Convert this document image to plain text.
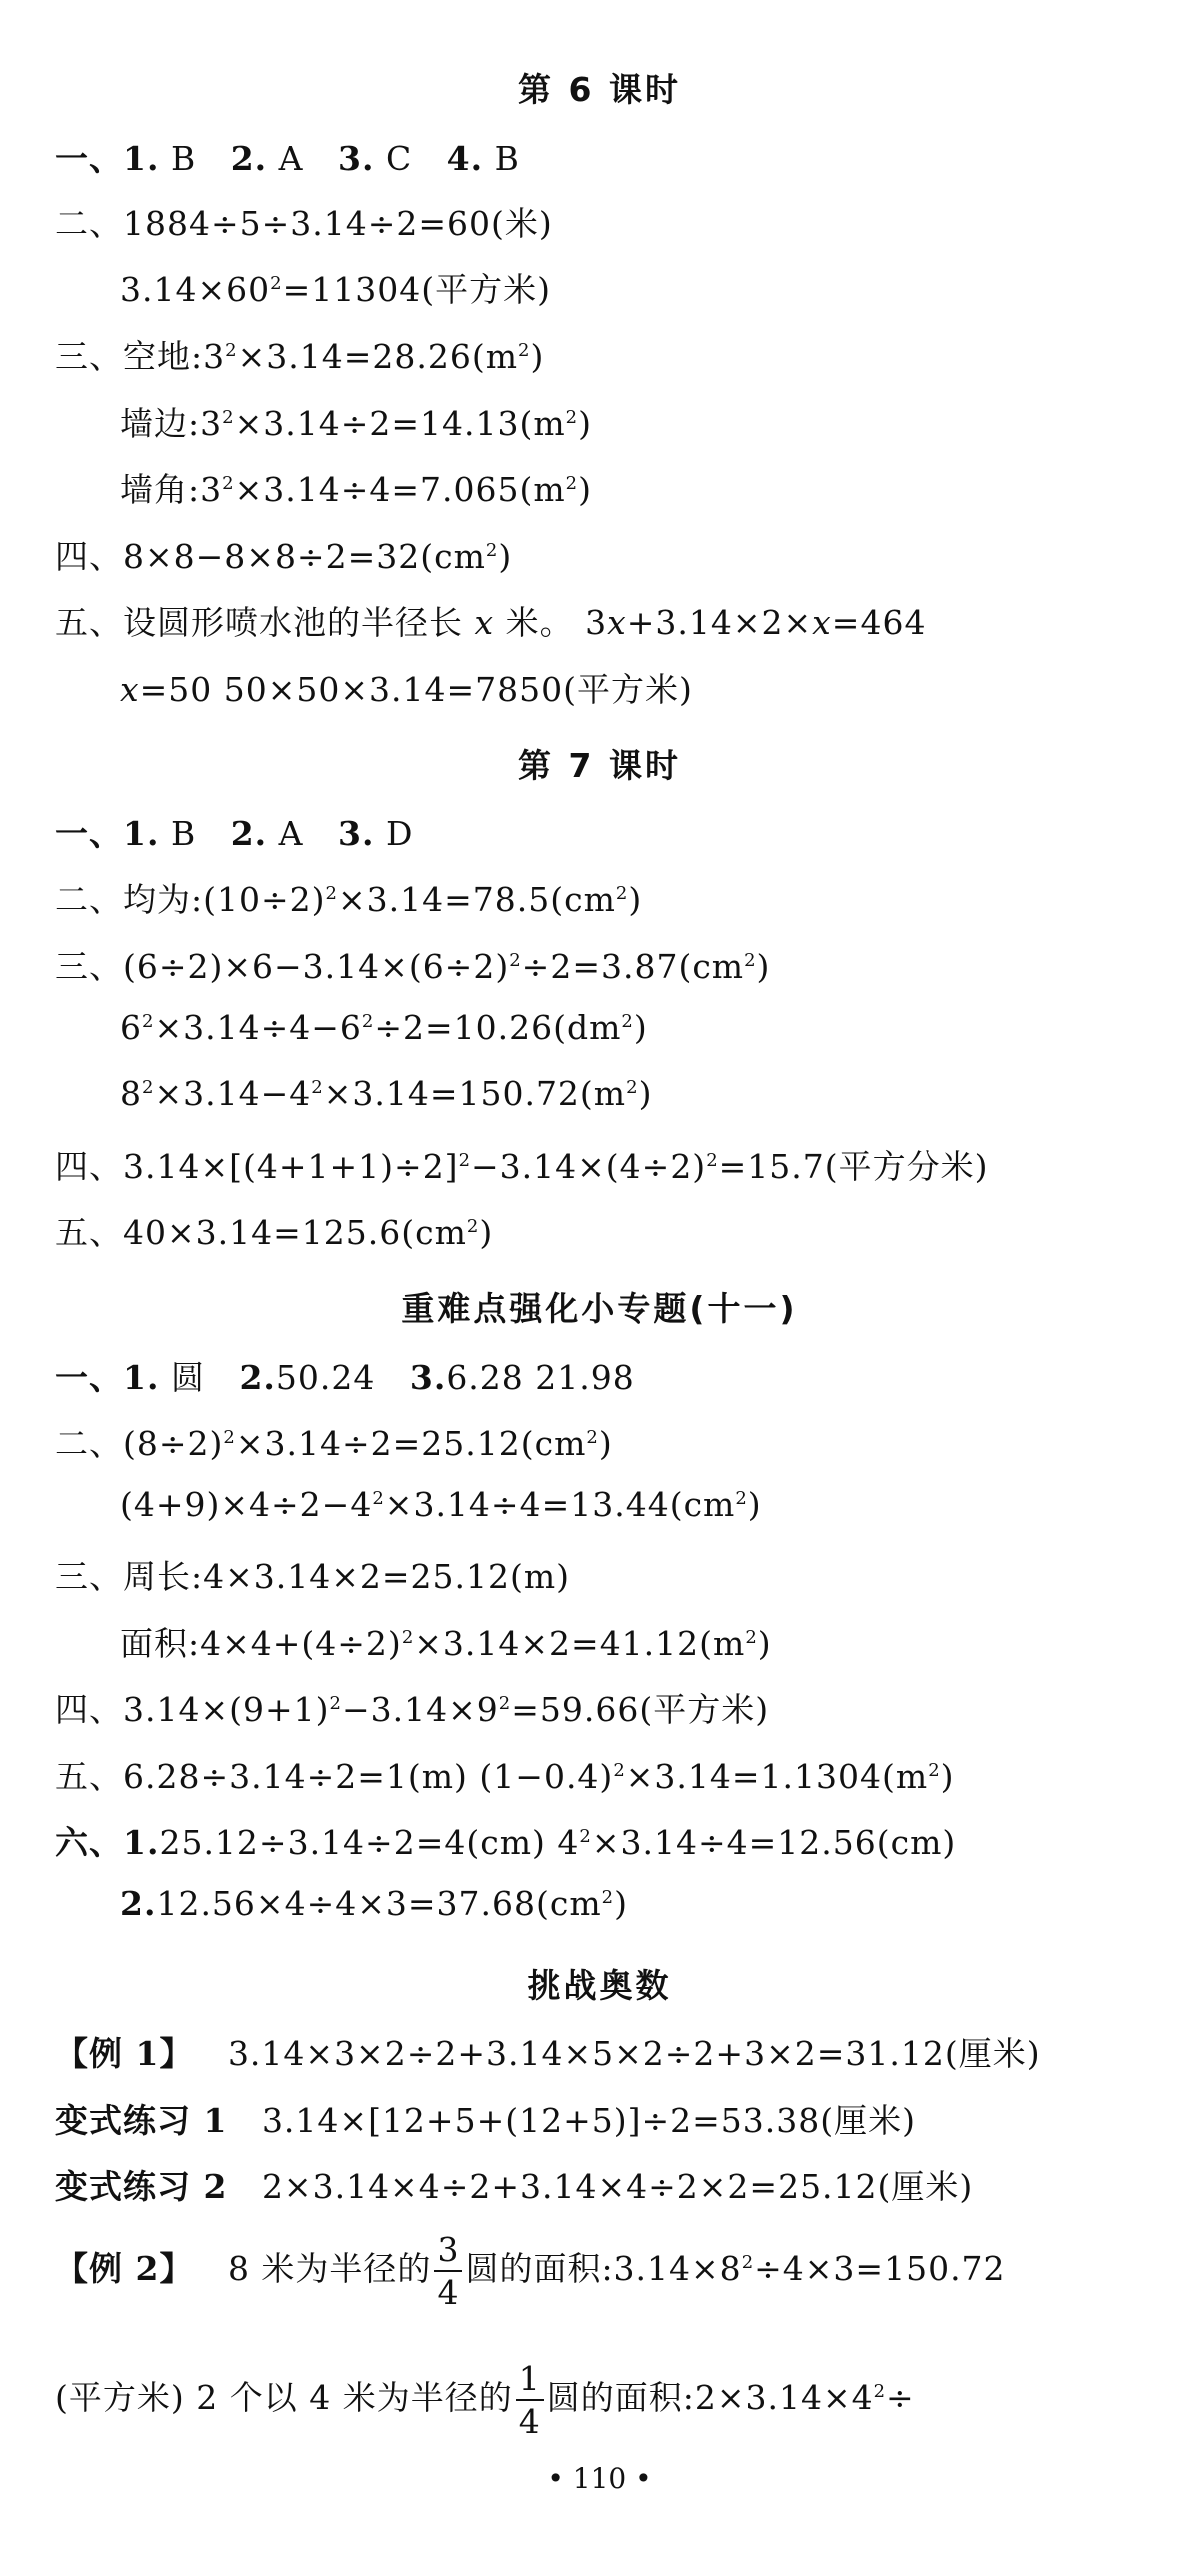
第 6 课时
一、1. B 2. A 3. C 4. B
二、1884÷5÷3.14÷2=60(米)
$3.14\times 60^2=11304$(平方米)
三、空地$:3^2\times 3.14=28.26(m^2)$
墙边$:3^2\times 3.14\div 2=14.13(m^2)$
墙角$:3^2\times 3.14\div 4=7.065(m^2)$
四、$8\times 8-8\times 8\div 2=32(cm^2)$
五、设圆形喷水池的半径长 x 米。 3x+3.14×2×x=464
x=50 50×50×3.14=7850(平方米)
第 7 课时
一、1. B 2. A 3. D
二、均为$:(10\div 2)^2\times 3.14=78.5(cm^2)$
三、$(6\div 2)\times 6-3.14\times(6\div 2)^2\div 2=3.87(cm^2)$
$6^2\times 3.14\div 4-6^2\div 2=10.26(dm^2)$
$8^2\times 3.14-4^2\times 3.14=150.72(m^2)$
四、$3.14\times[(4+1+1)\div 2]^2-3.14\times(4\div 2)^2=15.7$(平方分米)
五、$40\times 3.14=125.6(cm^2)$
重难点强化小专题(十一)
一、1. 圆 2.50.24 3.6.28 21.98
二、$(8\div 2)^2\times 3.14\div 2=25.12(cm^2)$
$(4+9)\times 4\div 2-4^2\times 3.14\div 4=13.44(cm^2)$
三、周长:4×3.14×2=25.12(m)
面积$:4\times 4+(4\div 2)^2\times 3.14\times 2=41.12(m^2)$
四、$3.14\times(9+1)^2-3.14\times 9^2=59.66$(平方米)
五、6.28÷3.14÷2=1(m) $(1-0.4)^2\times 3.14=1.1304(m^2)$
六、1.25.12÷3.14÷2=4(cm) $4^2\times 3.14\div 4=12.56(cm)$
$2.12.56\times 4\div 4\times 3=37.68(cm^2)$
挑战奥数
【例 1】 3.14×3×2÷2+3.14×5×2÷2+3×2=31.12(厘米)
变式练习 1 3.14×[12+5+(12+5)]÷2=53.38(厘米)
变式练习 2 2×3.14×4÷2+3.14×4÷2×2=25.12(厘米)
【例 2】 8 米为半径的 $\frac{3}{4}$ 圆的面积$:3.14\times 8^2\div 4\times 3=150.72$
(平方米) 2 个以 4 米为半径的 $\frac{1}{4}$ 圆的面积$:2\times 3.14\times 4^2\div$
• 110 •
